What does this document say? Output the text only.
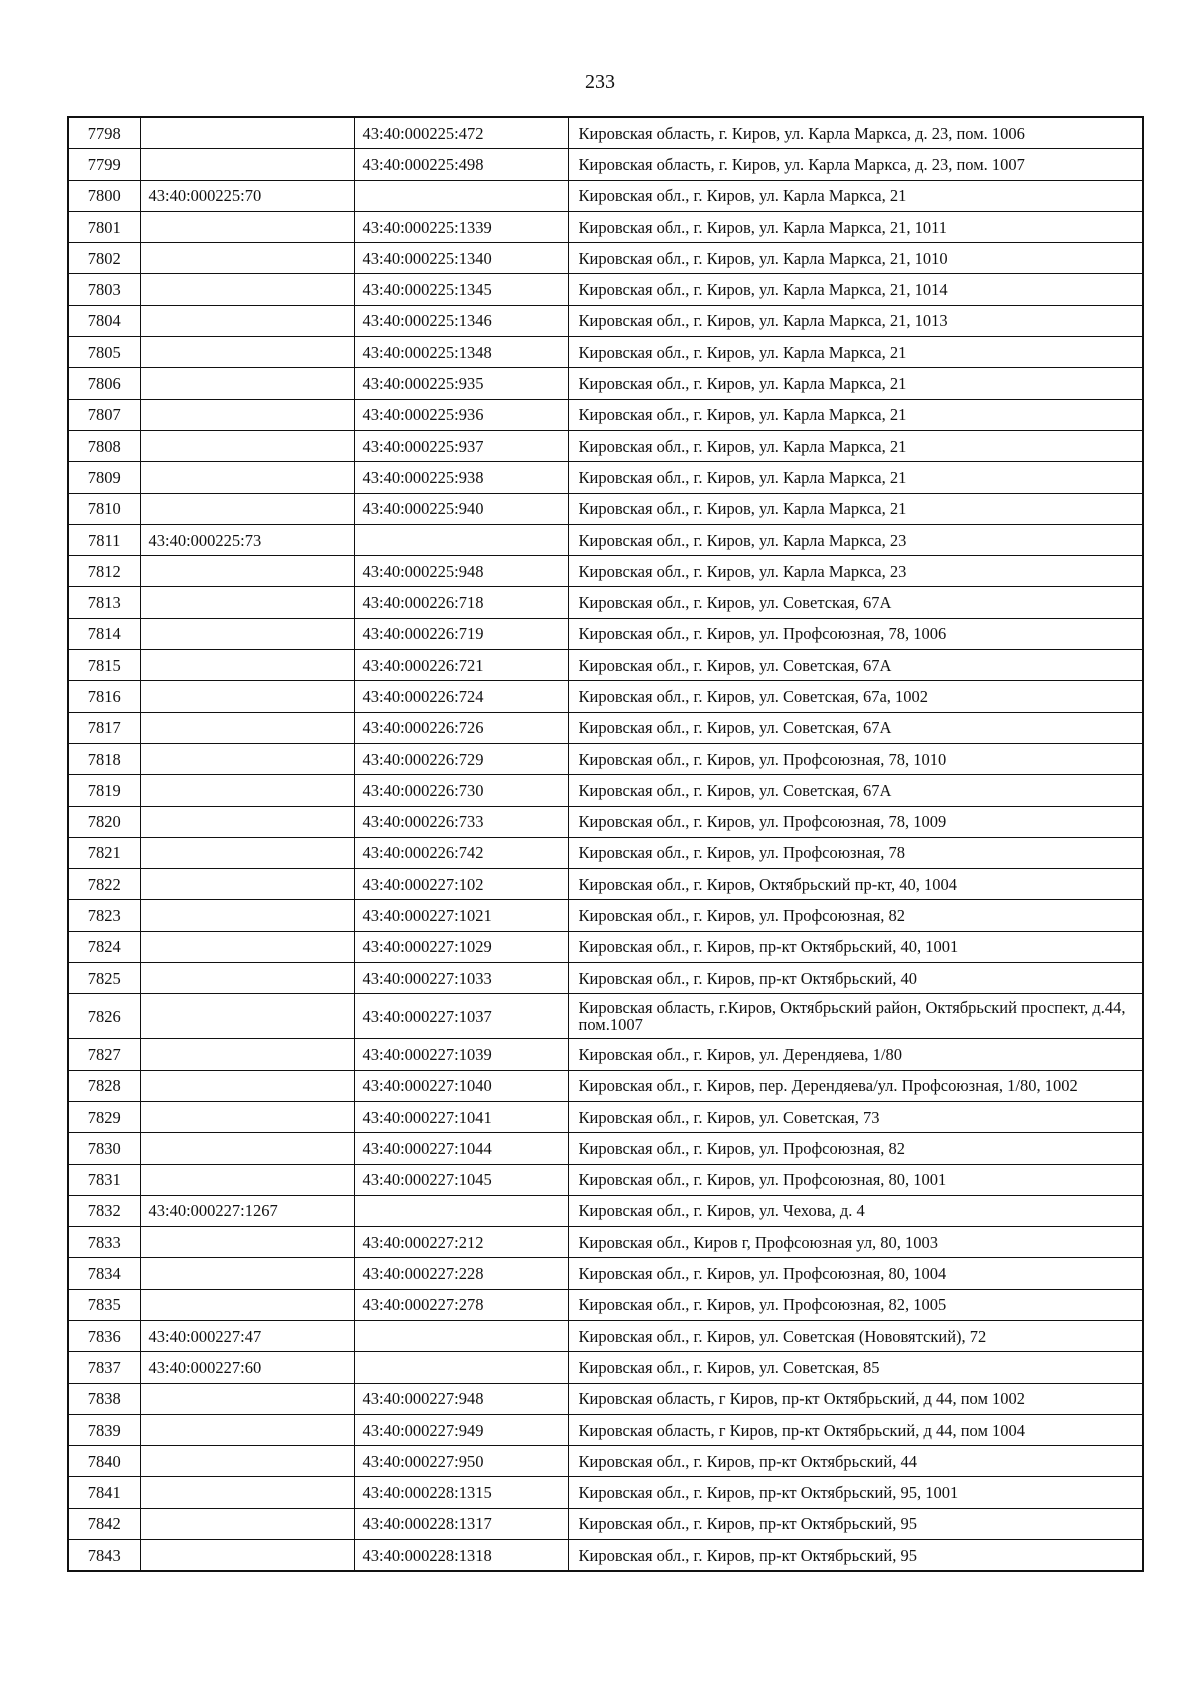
233
7798		43:40:000225:472	Кировская область, г. Киров, ул. Карла Маркса, д. 23, пом. 1006
7799		43:40:000225:498	Кировская область, г. Киров, ул. Карла Маркса, д. 23, пом. 1007
7800	43:40:000225:70		Кировская обл., г. Киров, ул. Карла Маркса, 21
7801		43:40:000225:1339	Кировская обл., г. Киров, ул. Карла Маркса, 21, 1011
7802		43:40:000225:1340	Кировская обл., г. Киров, ул. Карла Маркса, 21, 1010
7803		43:40:000225:1345	Кировская обл., г. Киров, ул. Карла Маркса, 21, 1014
7804		43:40:000225:1346	Кировская обл., г. Киров, ул. Карла Маркса, 21, 1013
7805		43:40:000225:1348	Кировская обл., г. Киров, ул. Карла Маркса, 21
7806		43:40:000225:935	Кировская обл., г. Киров, ул. Карла Маркса, 21
7807		43:40:000225:936	Кировская обл., г. Киров, ул. Карла Маркса, 21
7808		43:40:000225:937	Кировская обл., г. Киров, ул. Карла Маркса, 21
7809		43:40:000225:938	Кировская обл., г. Киров, ул. Карла Маркса, 21
7810		43:40:000225:940	Кировская обл., г. Киров, ул. Карла Маркса, 21
7811	43:40:000225:73		Кировская обл., г. Киров, ул. Карла Маркса, 23
7812		43:40:000225:948	Кировская обл., г. Киров, ул. Карла Маркса, 23
7813		43:40:000226:718	Кировская обл., г. Киров, ул. Советская, 67А
7814		43:40:000226:719	Кировская обл., г. Киров, ул. Профсоюзная, 78, 1006
7815		43:40:000226:721	Кировская обл., г. Киров, ул. Советская, 67А
7816		43:40:000226:724	Кировская обл., г. Киров, ул. Советская, 67а, 1002
7817		43:40:000226:726	Кировская обл., г. Киров, ул. Советская, 67А
7818		43:40:000226:729	Кировская обл., г. Киров, ул. Профсоюзная, 78, 1010
7819		43:40:000226:730	Кировская обл., г. Киров, ул. Советская, 67А
7820		43:40:000226:733	Кировская обл., г. Киров, ул. Профсоюзная, 78, 1009
7821		43:40:000226:742	Кировская обл., г. Киров, ул. Профсоюзная, 78
7822		43:40:000227:102	Кировская обл., г. Киров, Октябрьский пр-кт, 40, 1004
7823		43:40:000227:1021	Кировская обл., г. Киров, ул. Профсоюзная, 82
7824		43:40:000227:1029	Кировская обл., г. Киров, пр-кт Октябрьский, 40, 1001
7825		43:40:000227:1033	Кировская обл., г. Киров, пр-кт Октябрьский, 40
7826		43:40:000227:1037	Кировская область, г.Киров, Октябрьский район, Октябрьский проспект, д.44, пом.1007
7827		43:40:000227:1039	Кировская обл., г. Киров, ул. Дерендяева, 1/80
7828		43:40:000227:1040	Кировская обл., г. Киров, пер. Дерендяева/ул. Профсоюзная, 1/80, 1002
7829		43:40:000227:1041	Кировская обл., г. Киров, ул. Советская, 73
7830		43:40:000227:1044	Кировская обл., г. Киров, ул. Профсоюзная, 82
7831		43:40:000227:1045	Кировская обл., г. Киров, ул. Профсоюзная, 80, 1001
7832	43:40:000227:1267		Кировская обл., г. Киров, ул. Чехова, д. 4
7833		43:40:000227:212	Кировская обл., Киров г, Профсоюзная ул, 80, 1003
7834		43:40:000227:228	Кировская обл., г. Киров, ул. Профсоюзная, 80, 1004
7835		43:40:000227:278	Кировская обл., г. Киров, ул. Профсоюзная, 82, 1005
7836	43:40:000227:47		Кировская обл., г. Киров, ул. Советская (Нововятский), 72
7837	43:40:000227:60		Кировская обл., г. Киров, ул. Советская, 85
7838		43:40:000227:948	Кировская область, г Киров, пр-кт Октябрьский, д 44, пом 1002
7839		43:40:000227:949	Кировская область, г Киров, пр-кт Октябрьский, д 44, пом 1004
7840		43:40:000227:950	Кировская обл., г. Киров, пр-кт Октябрьский, 44
7841		43:40:000228:1315	Кировская обл., г. Киров, пр-кт Октябрьский, 95, 1001
7842		43:40:000228:1317	Кировская обл., г. Киров, пр-кт Октябрьский, 95
7843		43:40:000228:1318	Кировская обл., г. Киров, пр-кт Октябрьский, 95
